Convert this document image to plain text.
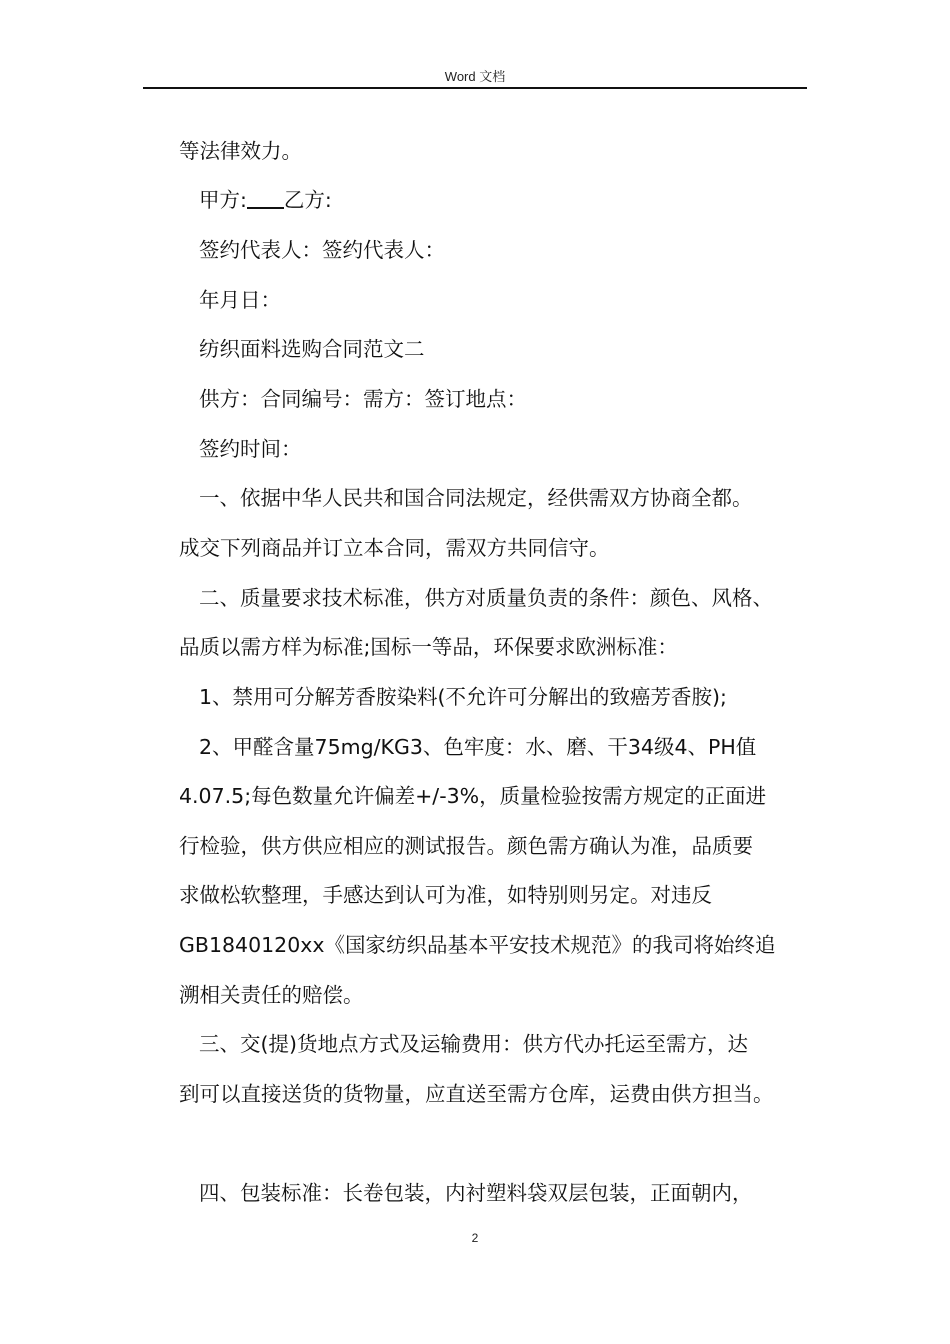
Word 文档
等法律效力。
甲方: 乙方:
签约代表人：签约代表人：
年月日：
纺织面料选购合同范文二
供方：合同编号：需方：签订地点：
签约时间：
一、依据中华人民共和国合同法规定，经供需双方协商全都。
成交下列商品并订立本合同，需双方共同信守。
二、质量要求技术标准，供方对质量负责的条件：颜色、风格、
品质以需方样为标准;国标一等品，环保要求欧洲标准：
1、禁用可分解芳香胺染料(不允许可分解出的致癌芳香胺);
2、甲醛含量75mg/KG3、色牢度：水、磨、干34级4、PH值
4.07.5;每色数量允许偏差+/-3%，质量检验按需方规定的正面进
行检验，供方供应相应的测试报告。颜色需方确认为准，品质要
求做松软整理，手感达到认可为准，如特别则另定。对违反
GB1840120xx《国家纺织品基本平安技术规范》的我司将始终追
溯相关责任的赔偿。
三、交(提)货地点方式及运输费用：供方代办托运至需方，达
到可以直接送货的货物量，应直送至需方仓库，运费由供方担当。
四、包装标准：长卷包装，内衬塑料袋双层包装，正面朝内，
2
